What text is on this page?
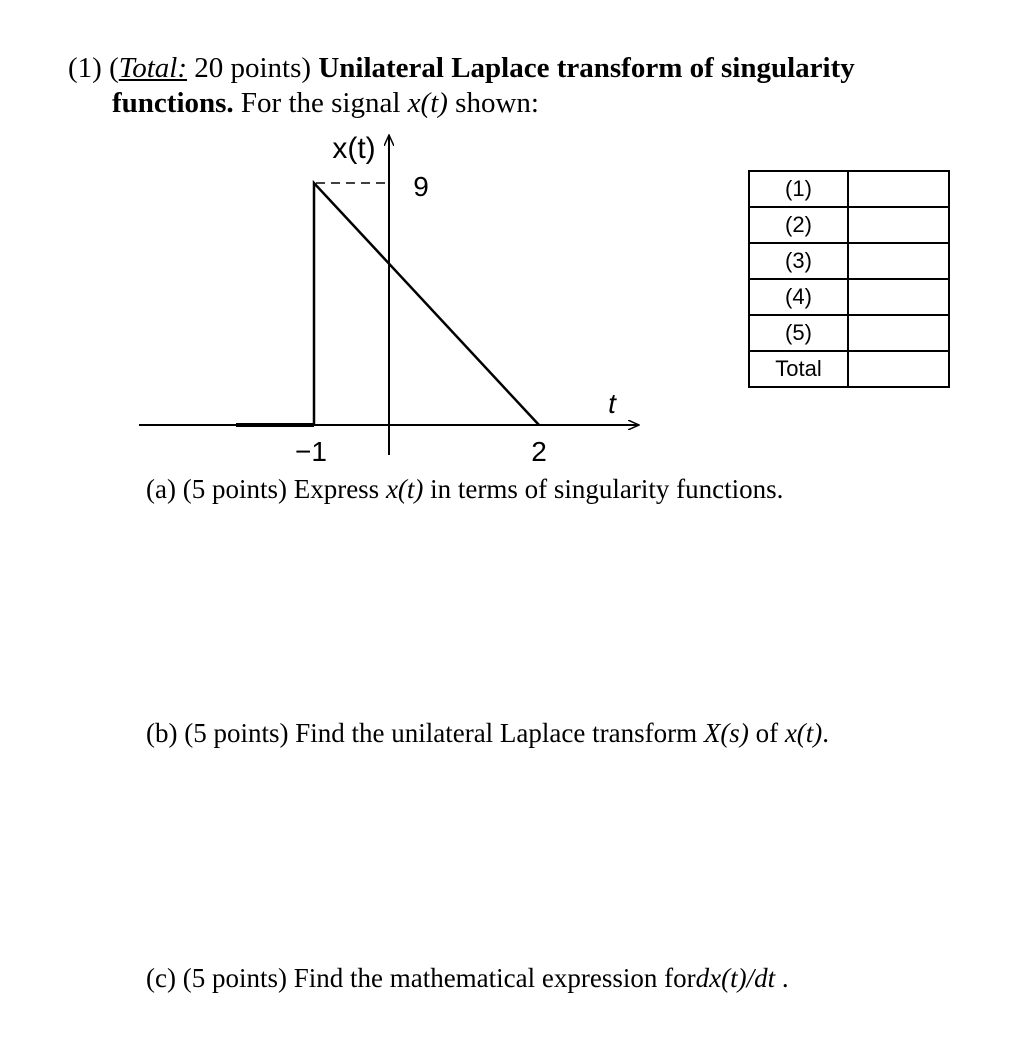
(1) (Total: 20 points) Unilateral Laplace transform of singularity
functions. For the signal x(t) shown:
x(t)
t
9
−1	2
(1)	
(2)	
(3)	
(4)	
(5)	
Total	
(a) (5 points) Express x(t) in terms of singularity functions.
(b) (5 points) Find the unilateral Laplace transform X(s) of x(t).
(c) (5 points) Find the mathematical expression fordx(t)/dt .
